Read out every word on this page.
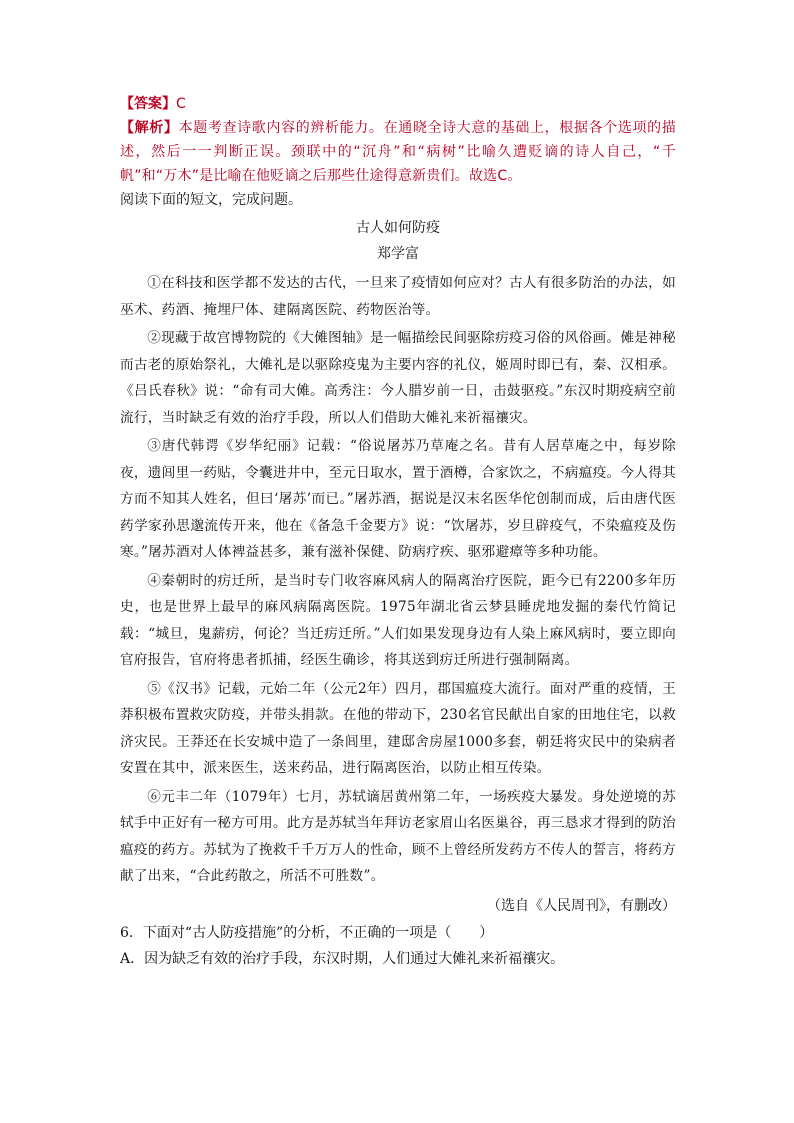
【答案】C
【解析】本题考查诗歌内容的辨析能力。在通晓全诗大意的基础上，根据各个选项的描述，然后一一判断正误。颈联中的“沉舟”和“病树”比喻久遭贬谪的诗人自己，“千帆”和“万木”是比喻在他贬谪之后那些仕途得意新贵们。故选C。
阅读下面的短文，完成问题。
古人如何防疫
郑学富

①在科技和医学都不发达的古代，一旦来了疫情如何应对？古人有很多防治的办法，如巫术、药酒、掩埋尸体、建隔离医院、药物医治等。

②现藏于故宫博物院的《大傩图轴》是一幅描绘民间驱除疠疫习俗的风俗画。傩是神秘而古老的原始祭礼，大傩礼是以驱除疫鬼为主要内容的礼仪，姬周时即已有，秦、汉相承。《吕氏春秋》说：“命有司大傩。高秀注：今人腊岁前一日，击鼓驱疫。”东汉时期疫病空前流行，当时缺乏有效的治疗手段，所以人们借助大傩礼来祈福禳灾。

③唐代韩谔《岁华纪丽》记载：“俗说屠苏乃草庵之名。昔有人居草庵之中，每岁除夜，遗闾里一药贴，令囊进井中，至元日取水，置于酒樽，合家饮之，不病瘟疫。今人得其方而不知其人姓名，但曰‘屠苏’而已。”屠苏酒，据说是汉末名医华佗创制而成，后由唐代医药学家孙思邈流传开来，他在《备急千金要方》说：“饮屠苏，岁旦辟疫气，不染瘟疫及伤寒。”屠苏酒对人体裨益甚多，兼有滋补保健、防病疗疾、驱邪避瘴等多种功能。

④秦朝时的疠迁所，是当时专门收容麻风病人的隔离治疗医院，距今已有2200多年历史，也是世界上最早的麻风病隔离医院。1975年湖北省云梦县睡虎地发掘的秦代竹简记载：“城旦，鬼薪疠，何论？当迁疠迁所。”人们如果发现身边有人染上麻风病时，要立即向官府报告，官府将患者抓捕，经医生确诊，将其送到疠迁所进行强制隔离。

⑤《汉书》记载，元始二年（公元2年）四月，郡国瘟疫大流行。面对严重的疫情，王莽积极布置救灾防疫，并带头捐款。在他的带动下，230名官民献出自家的田地住宅，以救济灾民。王莽还在长安城中造了一条闾里，建邸舍房屋1000多套，朝廷将灾民中的染病者安置在其中，派来医生，送来药品，进行隔离医治，以防止相互传染。

⑥元丰二年（1079年）七月，苏轼谪居黄州第二年，一场疾疫大暴发。身处逆境的苏轼手中正好有一秘方可用。此方是苏轼当年拜访老家眉山名医巢谷，再三恳求才得到的防治瘟疫的药方。苏轼为了挽救千千万万人的性命，顾不上曾经所发药方不传人的誓言，将药方献了出来，“合此药散之，所活不可胜数”。

（选自《人民周刊》，有删改）
6．下面对“古人防疫措施”的分析，不正确的一项是（　　）
A．因为缺乏有效的治疗手段，东汉时期，人们通过大傩礼来祈福禳灾。
